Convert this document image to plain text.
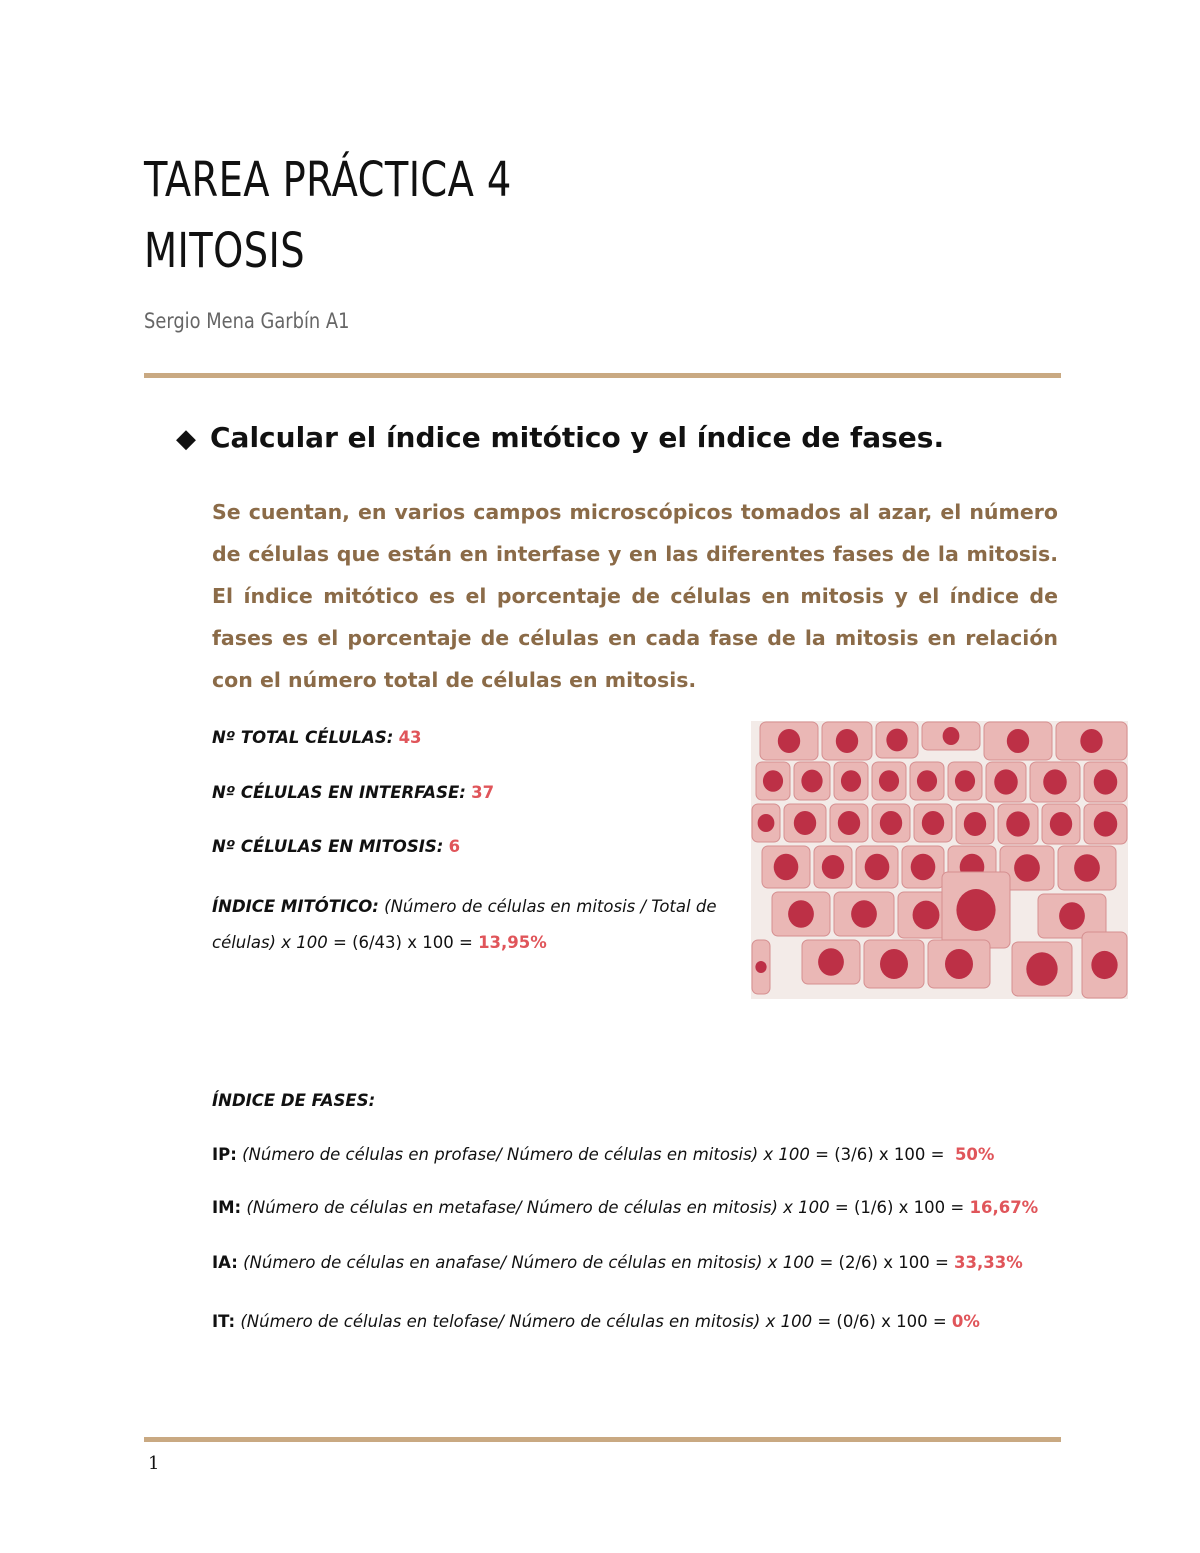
TAREA PRÁCTICA 4
MITOSIS
Sergio Mena Garbín A1
◆ Calcular el índice mitótico y el índice de fases.

Se cuentan, en varios campos microscópicos tomados al azar, el número de células que están en interfase y en las diferentes fases de la mitosis. El índice mitótico es el porcentaje de células en mitosis y el índice de fases es el porcentaje de células en cada fase de la mitosis en relación con el número total de células en mitosis.

Nº TOTAL CÉLULAS: 43
Nº CÉLULAS EN INTERFASE: 37
Nº CÉLULAS EN MITOSIS: 6
ÍNDICE MITÓTICO: (Número de células en mitosis / Total de células) x 100 = (6/43) x 100 = 13,95%
ÍNDICE DE FASES:
IP: (Número de células en profase/ Número de células en mitosis) x 100 = (3/6) x 100 =  50%
IM: (Número de células en metafase/ Número de células en mitosis) x 100 = (1/6) x 100 = 16,67%
IA: (Número de células en anafase/ Número de células en mitosis) x 100 = (2/6) x 100 = 33,33%
IT: (Número de células en telofase/ Número de células en mitosis) x 100 = (0/6) x 100 = 0%
1
